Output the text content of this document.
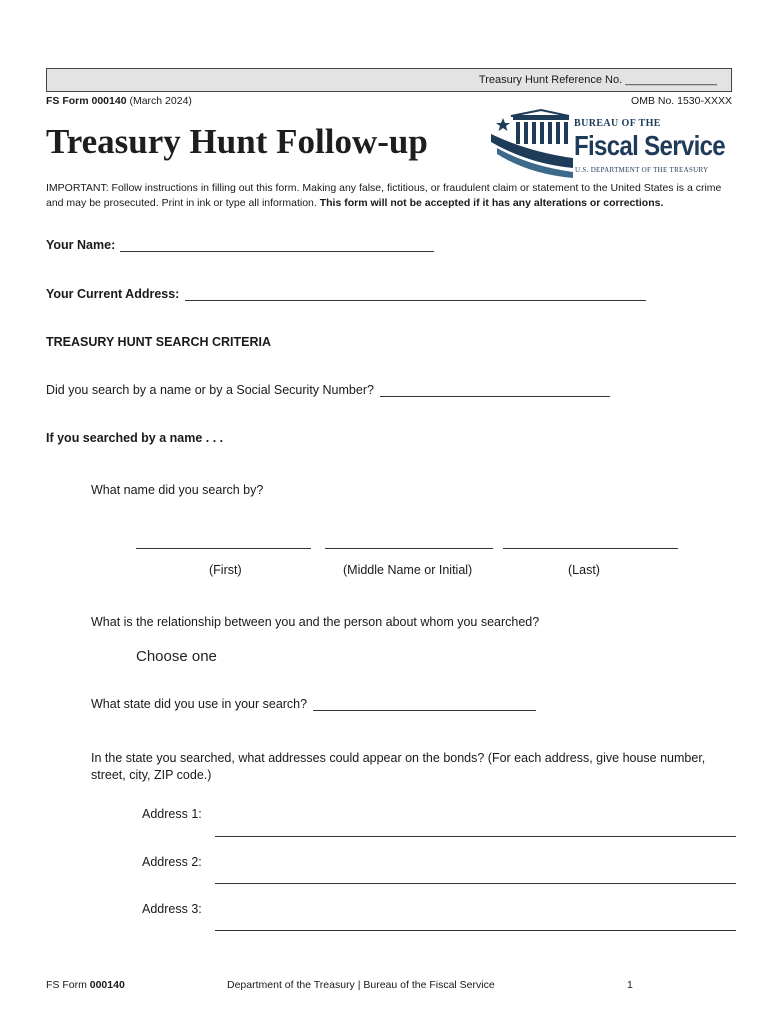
Treasury Hunt Reference No. _______________
FS Form 000140 (March 2024)	OMB No. 1530-XXXX
Treasury Hunt Follow-up	BUREAU OF THE
Fiscal Service
U.S. DEPARTMENT OF THE TREASURY
IMPORTANT: Follow instructions in filling out this form. Making any false, fictitious, or fraudulent claim or statement to the United States is a crime and may be prosecuted. Print in ink or type all information. This form will not be accepted if it has any alterations or corrections.
Your Name:
Your Current Address:
TREASURY HUNT SEARCH CRITERIA
Did you search by a name or by a Social Security Number?
If you searched by a name . . .
What name did you search by?
(First)	(Middle Name or Initial)	(Last)
What is the relationship between you and the person about whom you searched?
Choose one
What state did you use in your search?
In the state you searched, what addresses could appear on the bonds? (For each address, give house number, street, city, ZIP code.)
Address 1:
Address 2:
Address 3:
FS Form 000140	Department of the Treasury | Bureau of the Fiscal Service	1
